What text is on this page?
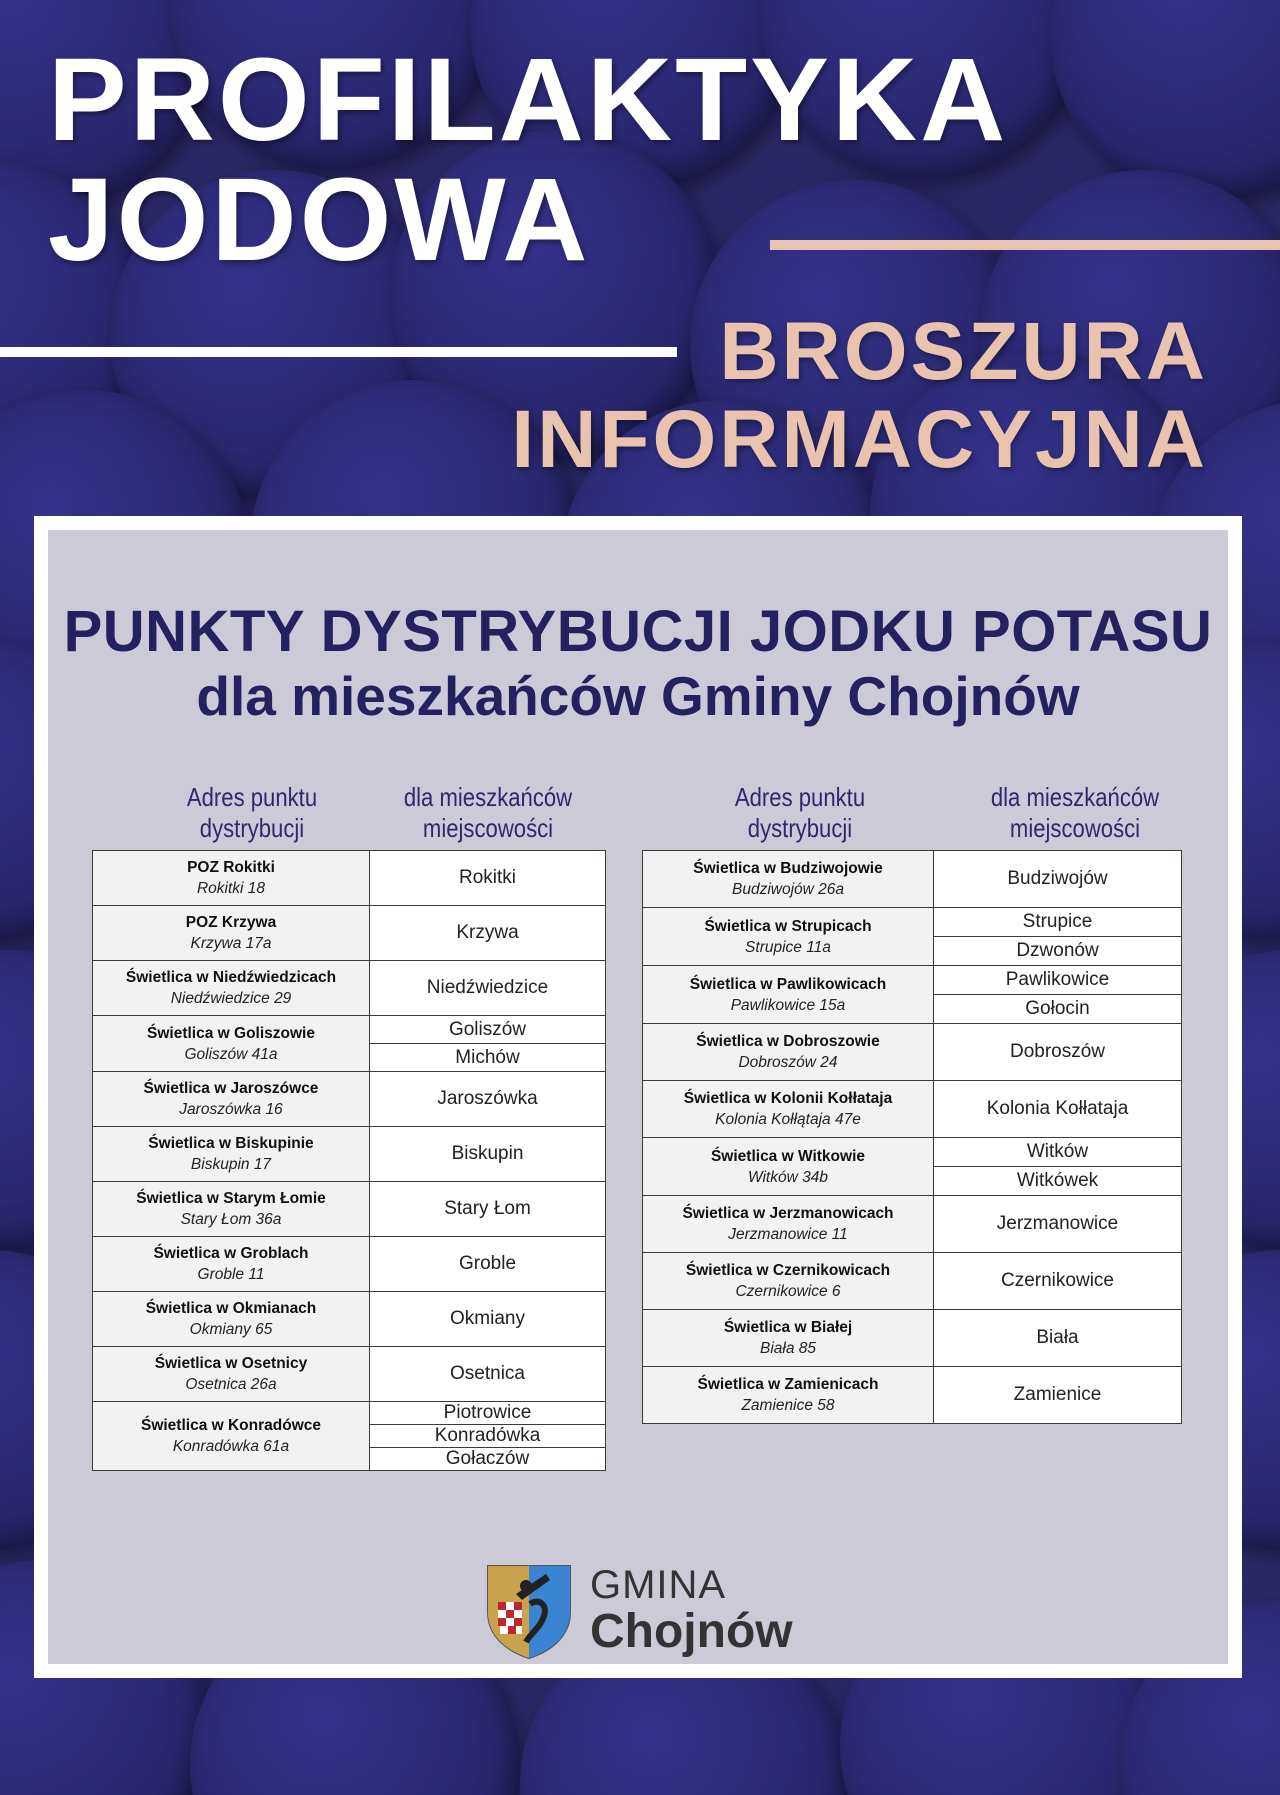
PROFILAKTYKA
JODOWA
BROSZURA
INFORMACYJNA
PUNKTY DYSTRYBUCJI JODKU POTASU
dla mieszkańców Gminy Chojnów
Adres punktu
dystrybucji
dla mieszkańców
miejscowości
Adres punktu
dystrybucji
dla mieszkańców
miejscowości
POZ Rokitki
Rokitki 18	Rokitki

POZ Krzywa
Krzywa 17a	Krzywa

Świetlica w Niedźwiedzicach
Niedźwiedzice 29	Niedźwiedzice

Świetlica w Goliszowie
Goliszów 41a	Goliszów
	Michów

Świetlica w Jaroszówce
Jaroszówka 16	Jaroszówka

Świetlica w Biskupinie
Biskupin 17	Biskupin

Świetlica w Starym Łomie
Stary Łom 36a	Stary Łom

Świetlica w Groblach
Groble 11	Groble

Świetlica w Okmianach
Okmiany 65	Okmiany

Świetlica w Osetnicy
Osetnica 26a	Osetnica

Świetlica w Konradówce
Konradówka 61a	Piotrowice
	Konradówka
	Gołaczów
Świetlica w Budziwojowie
Budziwojów 26a	Budziwojów

Świetlica w Strupicach
Strupice 11a	Strupice
	Dzwonów

Świetlica w Pawlikowicach
Pawlikowice 15a	Pawlikowice
	Gołocin

Świetlica w Dobroszowie
Dobroszów 24	Dobroszów

Świetlica w Kolonii Kołłataja
Kolonia Kołłątaja 47e	Kolonia Kołłataja

Świetlica w Witkowie
Witków 34b	Witków
	Witkówek

Świetlica w Jerzmanowicach
Jerzmanowice 11	Jerzmanowice

Świetlica w Czernikowicach
Czernikowice 6	Czernikowice

Świetlica w Białej
Biała 85	Biała

Świetlica w Zamienicach
Zamienice 58	Zamienice
GMINA
Chojnów
